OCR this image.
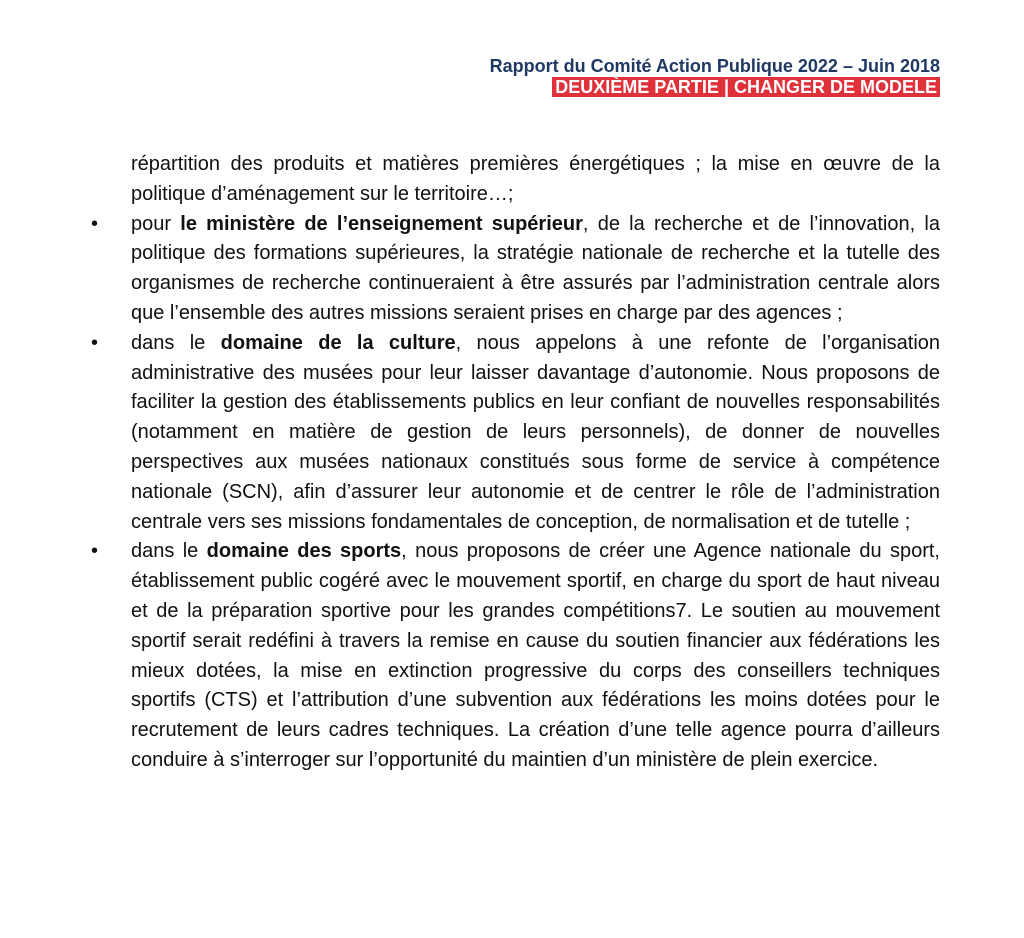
Rapport du Comité Action Publique 2022 – Juin 2018
DEUXIÈME PARTIE | CHANGER DE MODELE

répartition des produits et matières premières énergétiques ; la mise en œuvre de la politique d’aménagement sur le territoire…;

• pour le ministère de l’enseignement supérieur, de la recherche et de l’innovation, la politique des formations supérieures, la stratégie nationale de recherche et la tutelle des organismes de recherche continueraient à être assurés par l’administration centrale alors que l’ensemble des autres missions seraient prises en charge par des agences ;

• dans le domaine de la culture, nous appelons à une refonte de l’organisation administrative des musées pour leur laisser davantage d’autonomie. Nous proposons de faciliter la gestion des établissements publics en leur confiant de nouvelles responsabilités (notamment en matière de gestion de leurs personnels), de donner de nouvelles perspectives aux musées nationaux constitués sous forme de service à compétence nationale (SCN), afin d’assurer leur autonomie et de centrer le rôle de l’administration centrale vers ses missions fondamentales de conception, de normalisation et de tutelle ;

• dans le domaine des sports, nous proposons de créer une Agence nationale du sport, établissement public cogéré avec le mouvement sportif, en charge du sport de haut niveau et de la préparation sportive pour les grandes compétitions7. Le soutien au mouvement sportif serait redéfini à travers la remise en cause du soutien financier aux fédérations les mieux dotées, la mise en extinction progressive du corps des conseillers techniques sportifs (CTS) et l’attribution d’une subvention aux fédérations les moins dotées pour le recrutement de leurs cadres techniques. La création d’une telle agence pourra d’ailleurs conduire à s’interroger sur l’opportunité du maintien d’un ministère de plein exercice.
